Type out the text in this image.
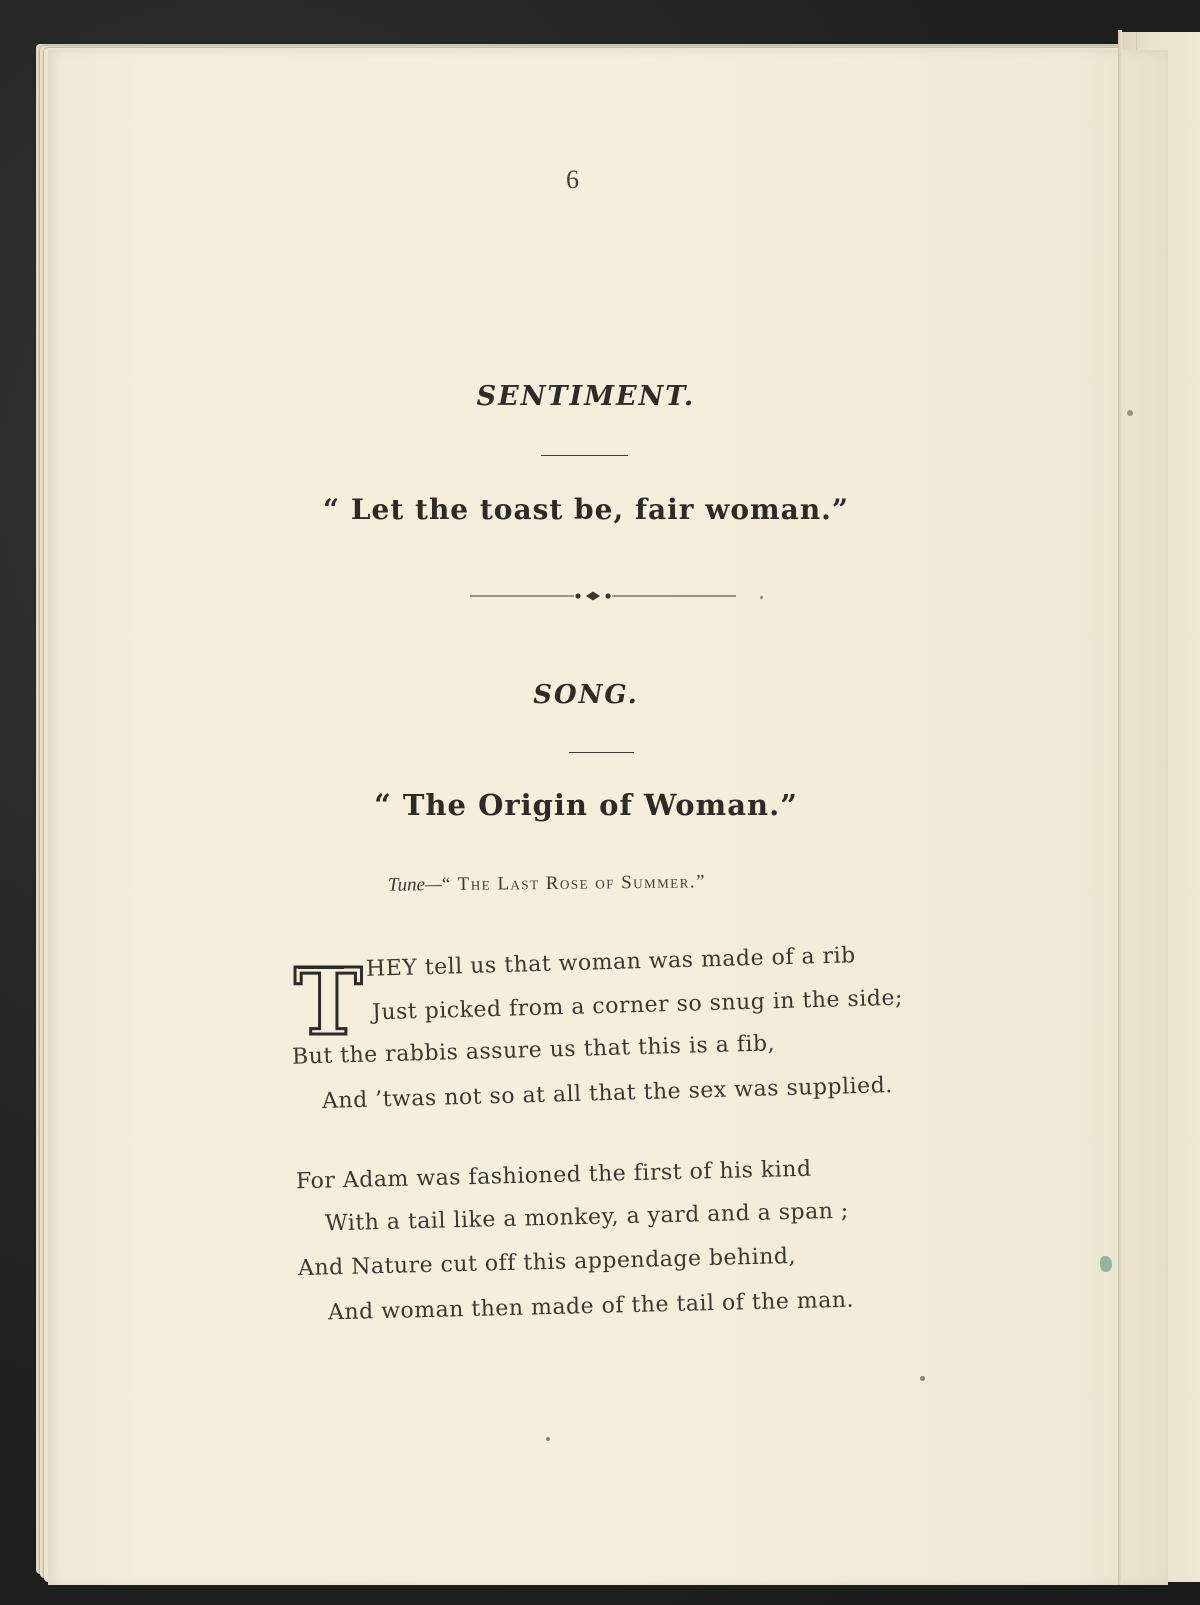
6
SENTIMENT.
“ Let the toast be, fair woman.”
SONG.
“ The Origin of Woman.”
Tune—“ The Last Rose of Summer.”
T HEY tell us that woman was made of a rib
Just picked from a corner so snug in the side;
But the rabbis assure us that this is a fib,
And ’twas not so at all that the sex was supplied.
For Adam was fashioned the first of his kind
With a tail like a monkey, a yard and a span ;
And Nature cut off this appendage behind,
And woman then made of the tail of the man.
